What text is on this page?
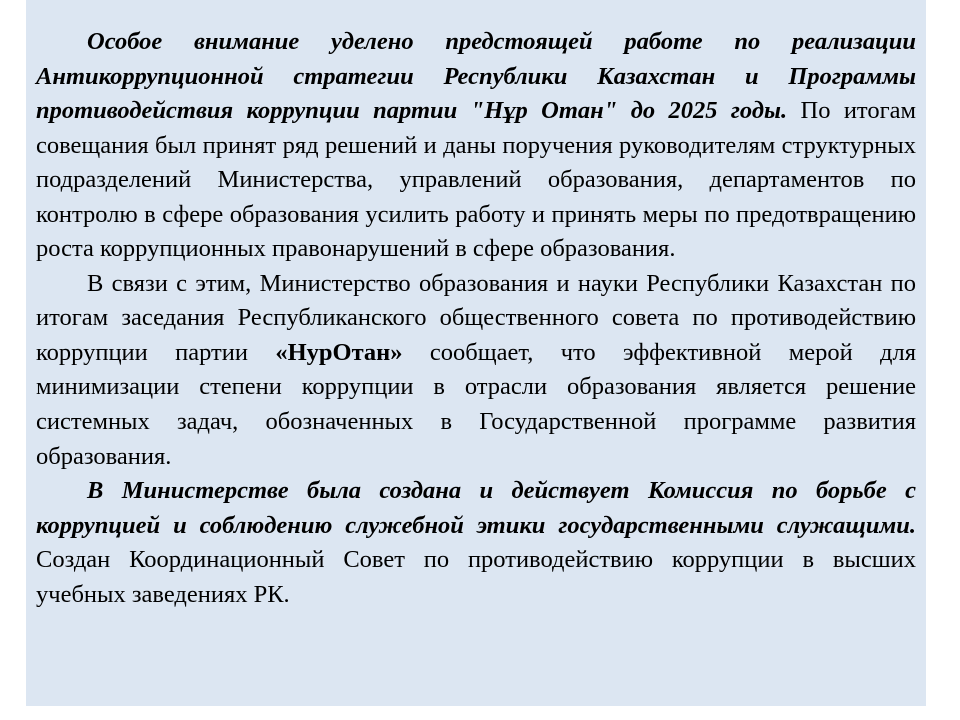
Особое внимание уделено предстоящей работе по реализации Антикоррупционной стратегии Республики Казахстан и Программы противодействия коррупции партии "Нұр Отан" до 2025 годы. По итогам совещания был принят ряд решений и даны поручения руководителям структурных подразделений Министерства, управлений образования, департаментов по контролю в сфере образования усилить работу и принять меры по предотвращению роста коррупционных правонарушений в сфере образования.

В связи с этим, Министерство образования и науки Республики Казахстан по итогам заседания Республиканского общественного совета по противодействию коррупции партии «НурОтан» сообщает, что эффективной мерой для минимизации степени коррупции в отрасли образования является решение системных задач, обозначенных в Государственной программе развития образования.

В Министерстве была создана и действует Комиссия по борьбе с коррупцией и соблюдению служебной этики государственными служащими. Создан Координационный Совет по противодействию коррупции в высших учебных заведениях РК.
